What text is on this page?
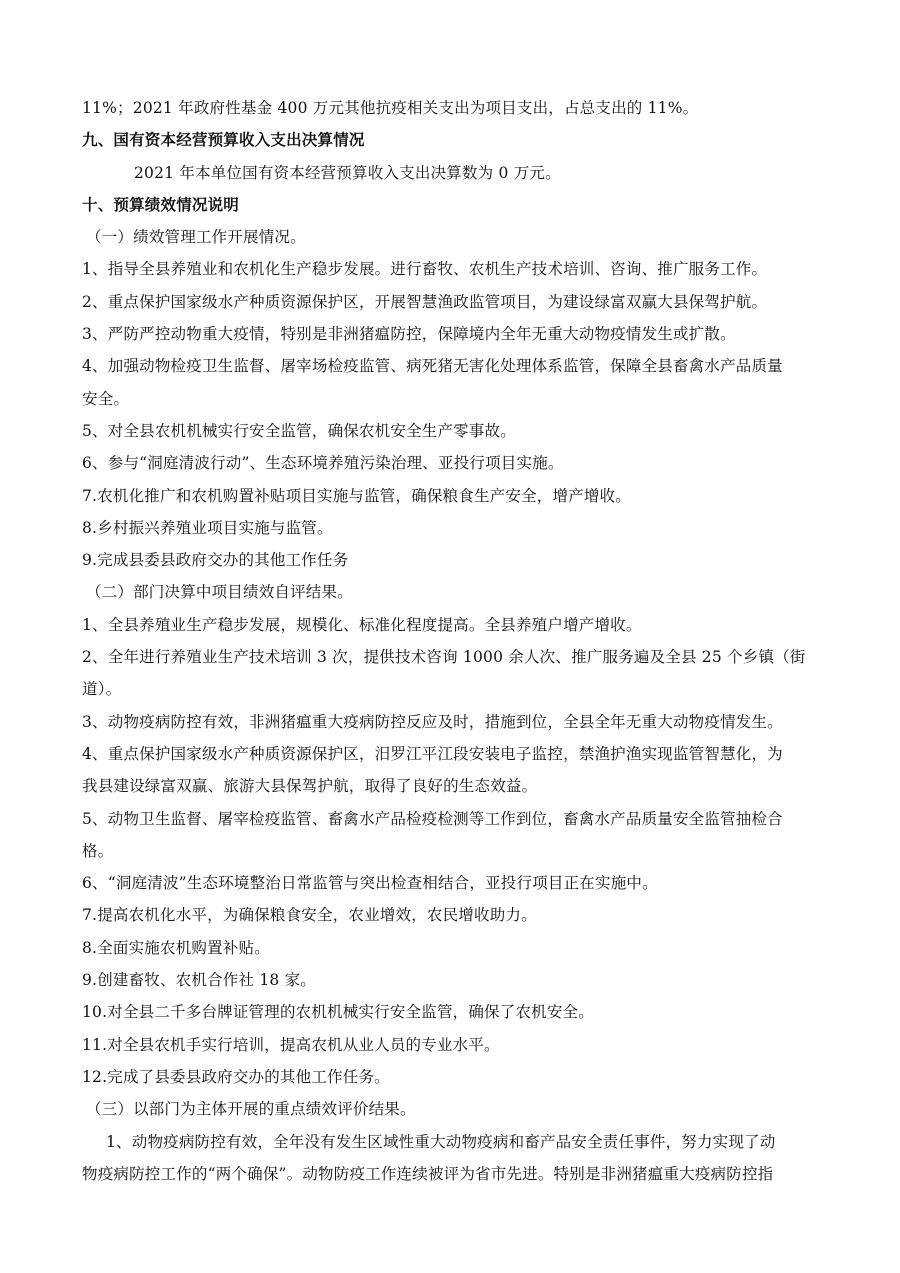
11%；2021 年政府性基金 400 万元其他抗疫相关支出为项目支出，占总支出的 11%。
九、国有资本经营预算收入支出决算情况
2021 年本单位国有资本经营预算收入支出决算数为 0 万元。
十、预算绩效情况说明
（一）绩效管理工作开展情况。
1、指导全县养殖业和农机化生产稳步发展。进行畜牧、农机生产技术培训、咨询、推广服务工作。
2、重点保护国家级水产种质资源保护区，开展智慧渔政监管项目，为建设绿富双赢大县保驾护航。
3、严防严控动物重大疫情，特别是非洲猪瘟防控，保障境内全年无重大动物疫情发生或扩散。
4、加强动物检疫卫生监督、屠宰场检疫监管、病死猪无害化处理体系监管，保障全县畜禽水产品质量
安全。
5、对全县农机机械实行安全监管，确保农机安全生产零事故。
6、参与“洞庭清波行动”、生态环境养殖污染治理、亚投行项目实施。
7.农机化推广和农机购置补贴项目实施与监管，确保粮食生产安全，增产增收。
8.乡村振兴养殖业项目实施与监管。
9.完成县委县政府交办的其他工作任务
（二）部门决算中项目绩效自评结果。
1、全县养殖业生产稳步发展，规模化、标准化程度提高。全县养殖户增产增收。
2、全年进行养殖业生产技术培训 3 次，提供技术咨询 1000 余人次、推广服务遍及全县 25 个乡镇（街
道）。
3、动物疫病防控有效，非洲猪瘟重大疫病防控反应及时，措施到位，全县全年无重大动物疫情发生。
4、重点保护国家级水产种质资源保护区，汨罗江平江段安装电子监控，禁渔护渔实现监管智慧化，为
我县建设绿富双赢、旅游大县保驾护航，取得了良好的生态效益。
5、动物卫生监督、屠宰检疫监管、畜禽水产品检疫检测等工作到位，畜禽水产品质量安全监管抽检合
格。
6、“洞庭清波”生态环境整治日常监管与突出检查相结合，亚投行项目正在实施中。
7.提高农机化水平，为确保粮食安全，农业增效，农民增收助力。
8.全面实施农机购置补贴。
9.创建畜牧、农机合作社 18 家。
10.对全县二千多台牌证管理的农机机械实行安全监管，确保了农机安全。
11.对全县农机手实行培训，提高农机从业人员的专业水平。
12.完成了县委县政府交办的其他工作任务。
（三）以部门为主体开展的重点绩效评价结果。
1、动物疫病防控有效，全年没有发生区域性重大动物疫病和畜产品安全责任事件，努力实现了动
物疫病防控工作的“两个确保”。动物防疫工作连续被评为省市先进。特别是非洲猪瘟重大疫病防控指
